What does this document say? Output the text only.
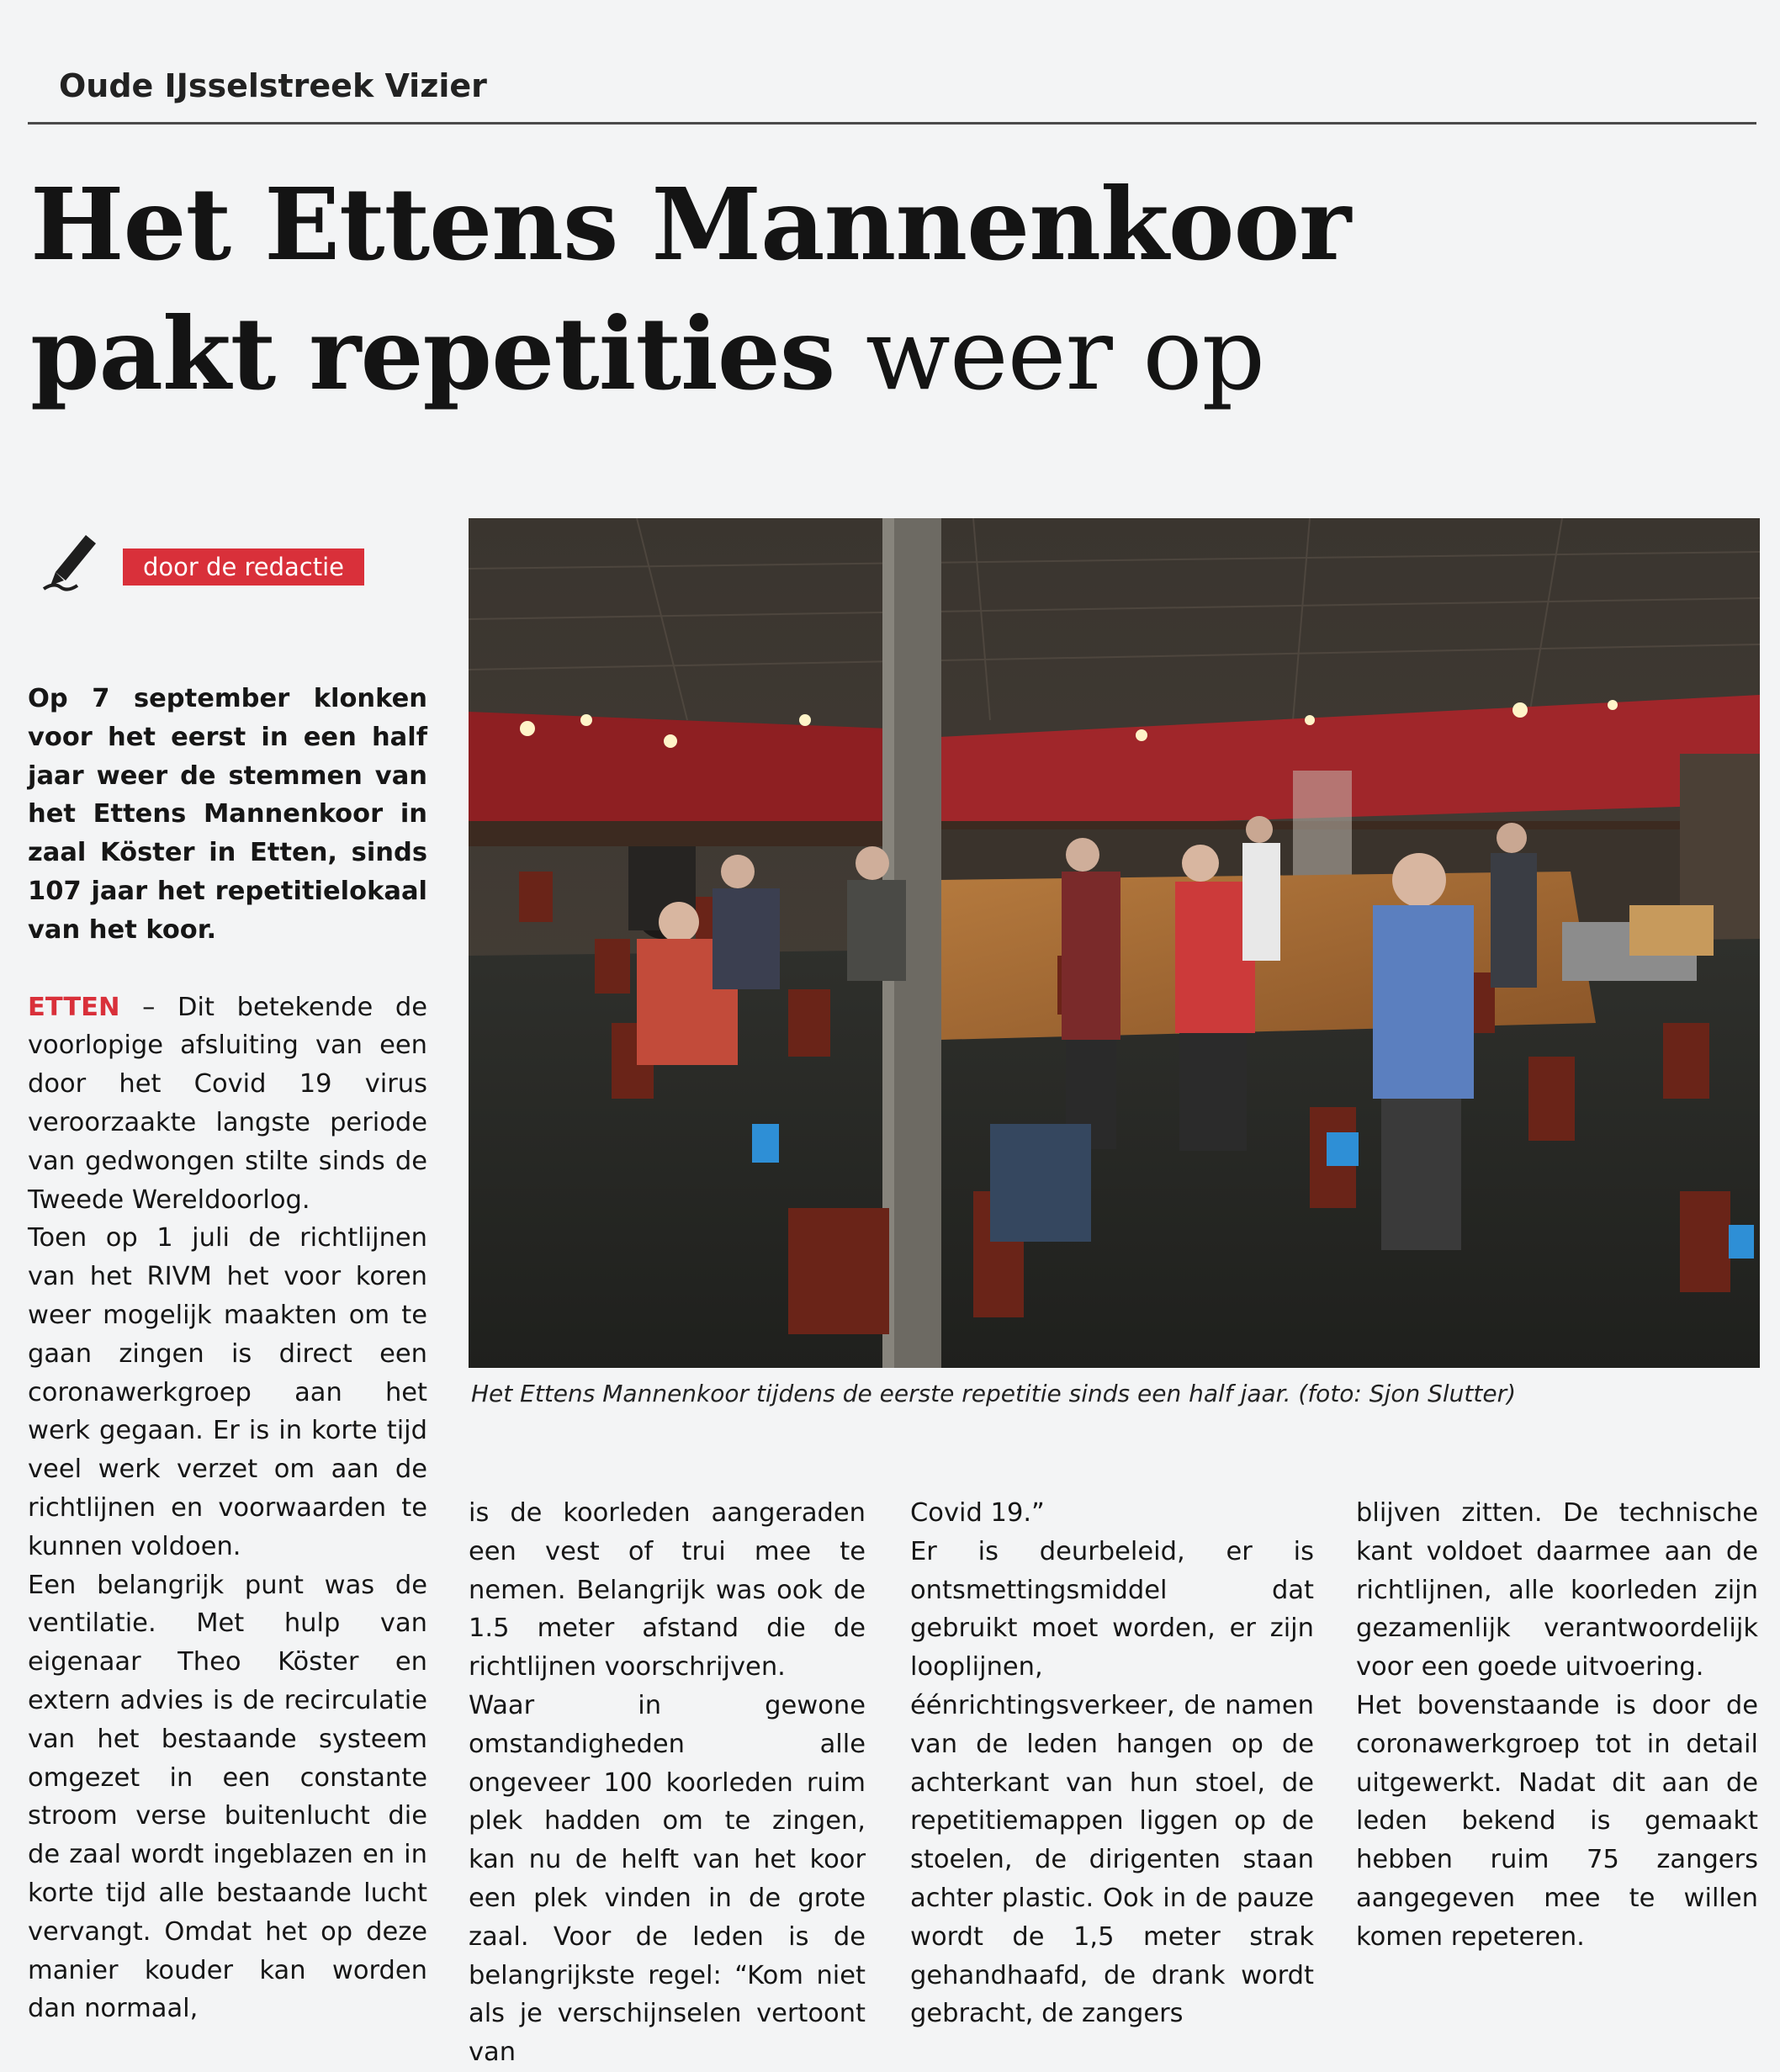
Oude IJsselstreek Vizier
Het Ettens Mannenkoor
pakt repetities weer op
door de redactie

Op 7 september klonken voor het eerst in een half jaar weer de stemmen van het Ettens Mannenkoor in zaal Köster in Etten, sinds 107 jaar het repetitielokaal van het koor.

ETTEN – Dit betekende de voorlopige afsluiting van een door het Covid 19 virus veroorzaakte langste periode van gedwongen stilte sinds de Tweede Wereldoorlog.

Toen op 1 juli de richtlijnen van het RIVM het voor koren weer mogelijk maakten om te gaan zingen is direct een coronawerkgroep aan het werk gegaan. Er is in korte tijd veel werk verzet om aan de richtlijnen en voorwaarden te kunnen voldoen.

Een belangrijk punt was de ventilatie. Met hulp van eigenaar Theo Köster en extern advies is de recirculatie van het bestaande systeem omgezet in een constante stroom verse buitenlucht die de zaal wordt ingeblazen en in korte tijd alle bestaande lucht vervangt. Omdat het op deze manier kouder kan worden dan normaal,

Het Ettens Mannenkoor tijdens de eerste repetitie sinds een half jaar. (foto: Sjon Slutter)

is de koorleden aangeraden een vest of trui mee te nemen. Belangrijk was ook de 1.5 meter afstand die de richtlijnen voorschrijven.

Waar in gewone omstandigheden alle ongeveer 100 koorleden ruim plek hadden om te zingen, kan nu de helft van het koor een plek vinden in de grote zaal. Voor de leden is de belangrijkste regel: “Kom niet als je verschijnselen vertoont van

Covid 19.”

Er is deurbeleid, er is ontsmettingsmiddel dat gebruikt moet worden, er zijn looplijnen, éénrichtingsverkeer, de namen van de leden hangen op de achterkant van hun stoel, de repetitiemappen liggen op de stoelen, de dirigenten staan achter plastic. Ook in de pauze wordt de 1,5 meter strak gehandhaafd, de drank wordt gebracht, de zangers

blijven zitten. De technische kant voldoet daarmee aan de richtlijnen, alle koorleden zijn gezamenlijk verantwoordelijk voor een goede uitvoering.

Het bovenstaande is door de coronawerkgroep tot in detail uitgewerkt. Nadat dit aan de leden bekend is gemaakt hebben ruim 75 zangers aangegeven mee te willen komen repeteren.
